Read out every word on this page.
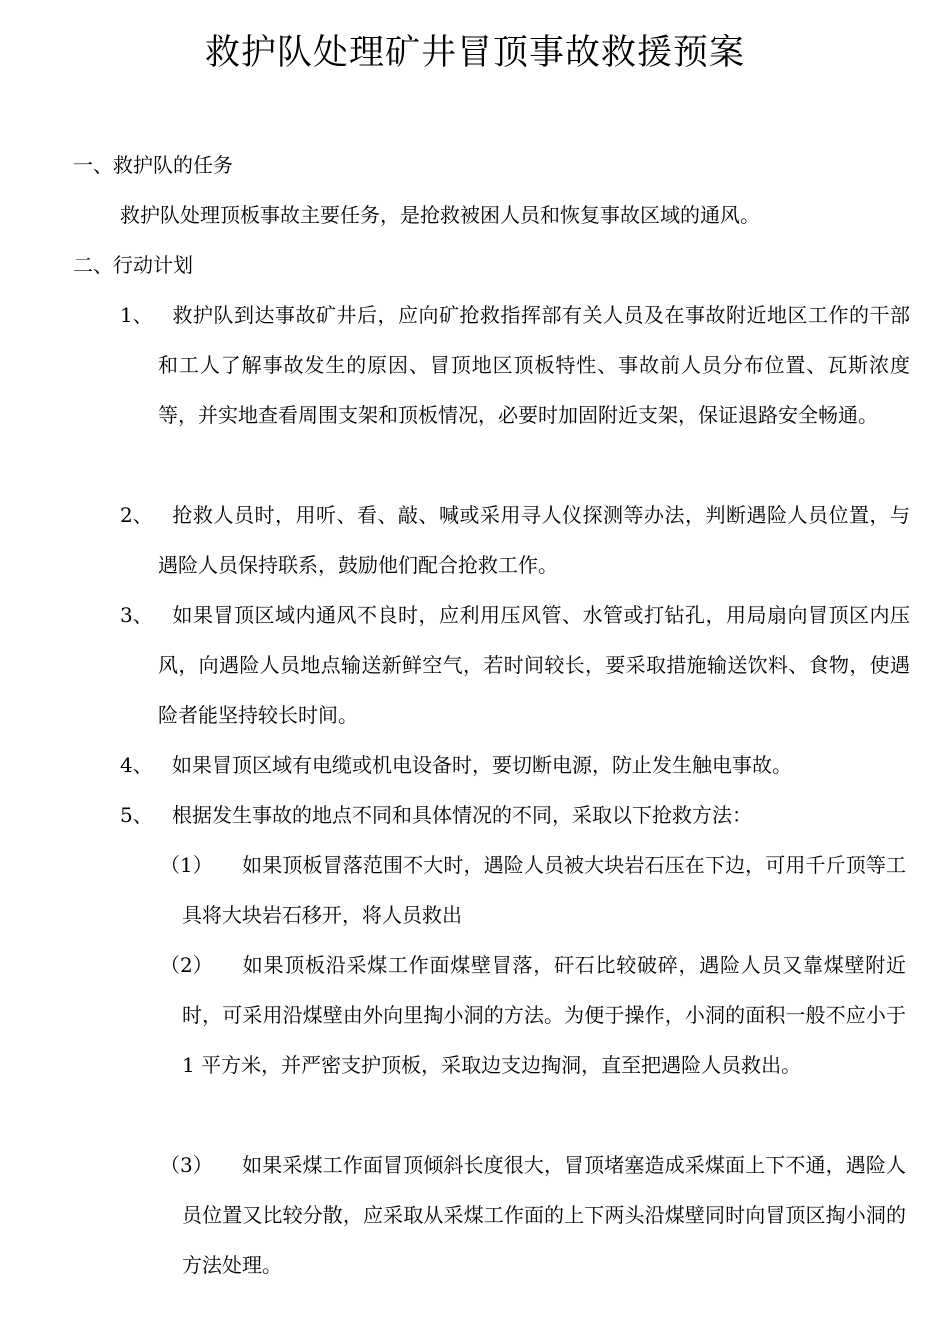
救护队处理矿井冒顶事故救援预案
一、救护队的任务
救护队处理顶板事故主要任务，是抢救被困人员和恢复事故区域的通风。
二、行动计划
1、 救护队到达事故矿井后，应向矿抢救指挥部有关人员及在事故附近地区工作的干部和工人了解事故发生的原因、冒顶地区顶板特性、事故前人员分布位置、瓦斯浓度等，并实地查看周围支架和顶板情况，必要时加固附近支架，保证退路安全畅通。
2、 抢救人员时，用听、看、敲、喊或采用寻人仪探测等办法，判断遇险人员位置，与遇险人员保持联系，鼓励他们配合抢救工作。
3、 如果冒顶区域内通风不良时，应利用压风管、水管或打钻孔，用局扇向冒顶区内压风，向遇险人员地点输送新鲜空气，若时间较长，要采取措施输送饮料、食物，使遇险者能坚持较长时间。
4、 如果冒顶区域有电缆或机电设备时，要切断电源，防止发生触电事故。
5、 根据发生事故的地点不同和具体情况的不同，采取以下抢救方法：
（1） 如果顶板冒落范围不大时，遇险人员被大块岩石压在下边，可用千斤顶等工具将大块岩石移开，将人员救出
（2） 如果顶板沿采煤工作面煤壁冒落，矸石比较破碎，遇险人员又靠煤壁附近时，可采用沿煤壁由外向里掏小洞的方法。为便于操作，小洞的面积一般不应小于 1 平方米，并严密支护顶板，采取边支边掏洞，直至把遇险人员救出。
（3） 如果采煤工作面冒顶倾斜长度很大，冒顶堵塞造成采煤面上下不通，遇险人员位置又比较分散，应采取从采煤工作面的上下两头沿煤壁同时向冒顶区掏小洞的方法处理。
